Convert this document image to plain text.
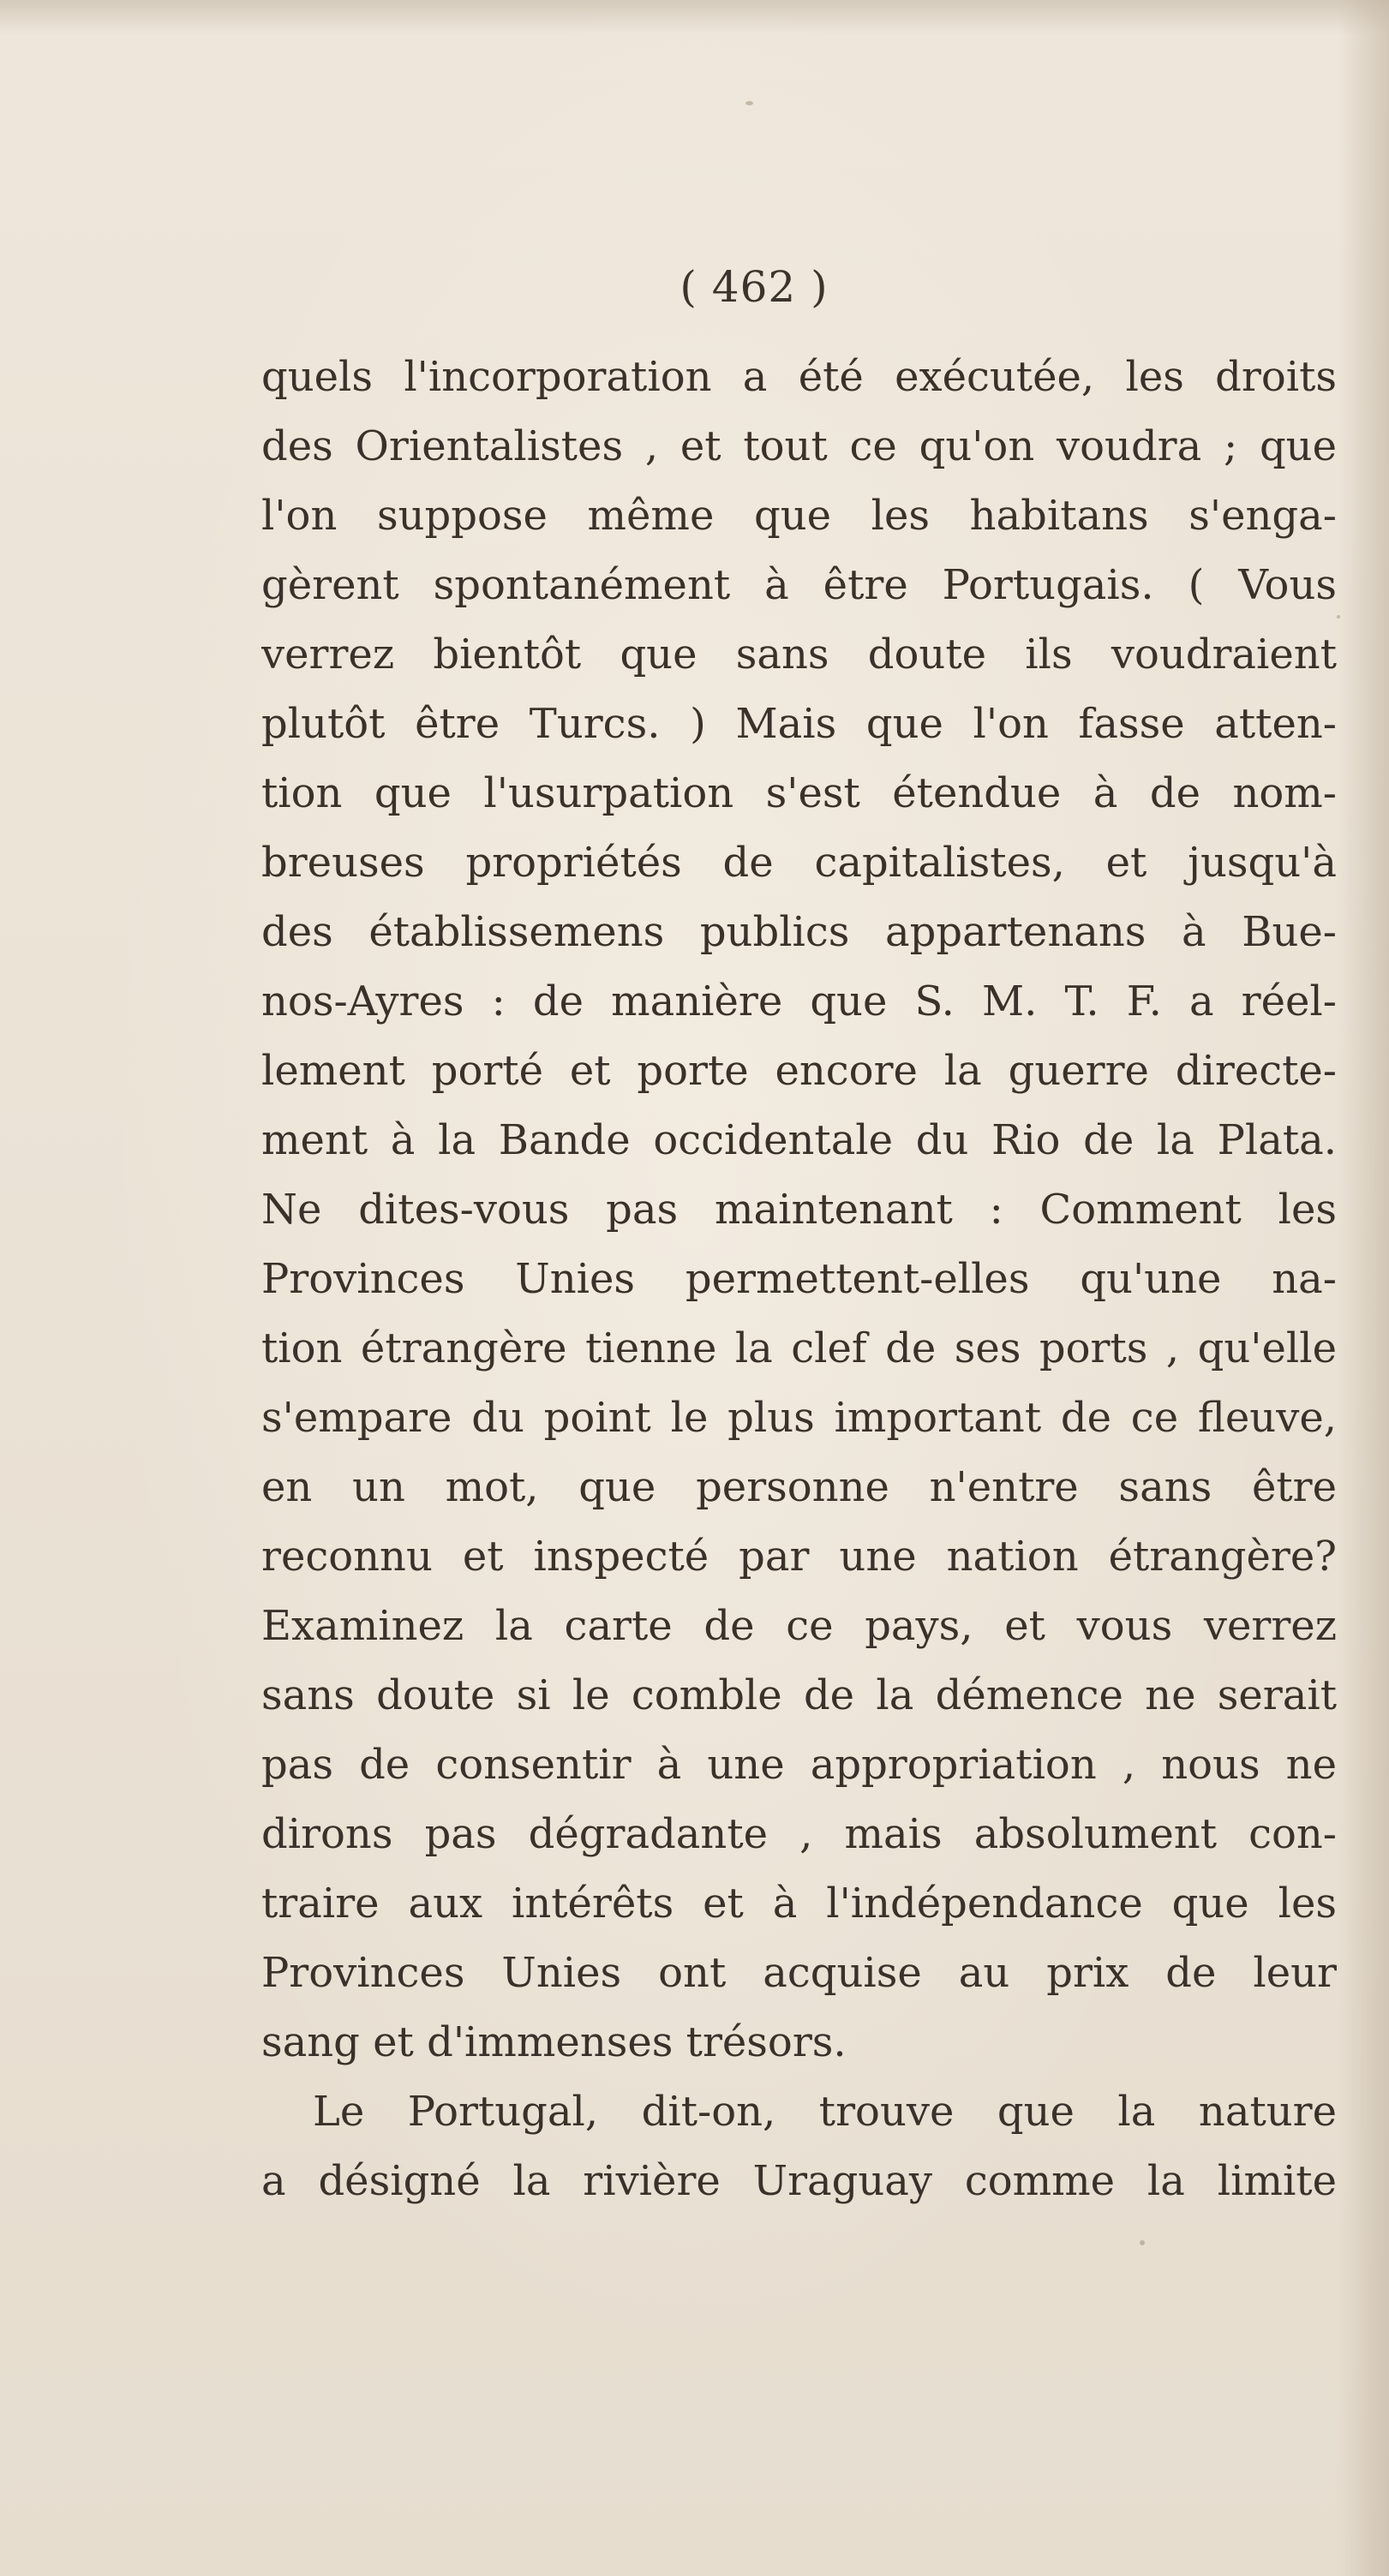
( 462 )
quels l'incorporation a été exécutée, les droits
des Orientalistes , et tout ce qu'on voudra ; que
l'on suppose même que les habitans s'enga-
gèrent spontanément à être Portugais. ( Vous
verrez bientôt que sans doute ils voudraient
plutôt être Turcs. ) Mais que l'on fasse atten-
tion que l'usurpation s'est étendue à de nom-
breuses propriétés de capitalistes, et jusqu'à
des établissemens publics appartenans à Bue-
nos-Ayres : de manière que S. M. T. F. a réel-
lement porté et porte encore la guerre directe-
ment à la Bande occidentale du Rio de la Plata.
Ne dites-vous pas maintenant : Comment les
Provinces Unies permettent-elles qu'une na-
tion étrangère tienne la clef de ses ports , qu'elle
s'empare du point le plus important de ce fleuve,
en un mot, que personne n'entre sans être
reconnu et inspecté par une nation étrangère?
Examinez la carte de ce pays, et vous verrez
sans doute si le comble de la démence ne serait
pas de consentir à une appropriation , nous ne
dirons pas dégradante , mais absolument con-
traire aux intérêts et à l'indépendance que les
Provinces Unies ont acquise au prix de leur
sang et d'immenses trésors.
Le Portugal, dit-on, trouve que la nature
a désigné la rivière Uraguay comme la limite
